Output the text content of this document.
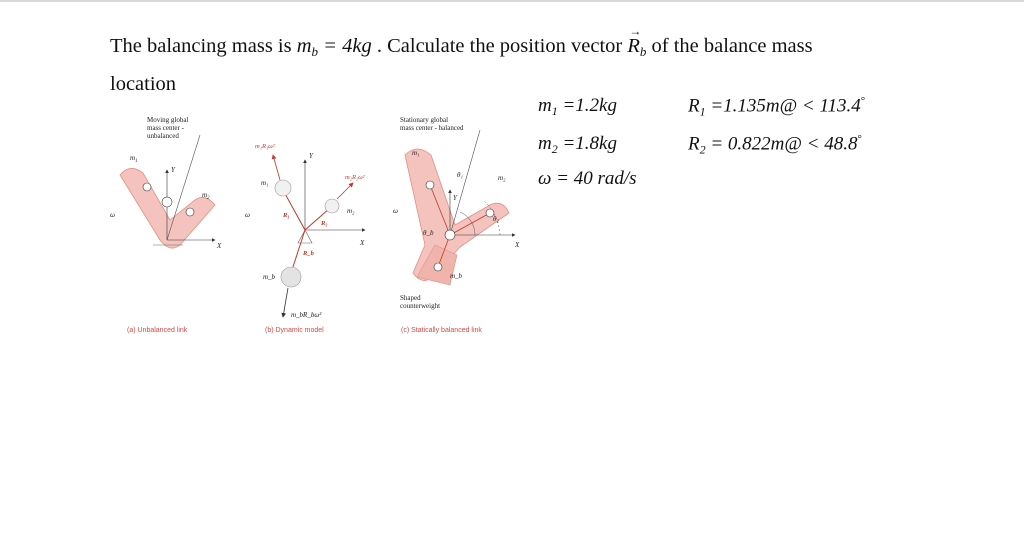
The balancing mass is $m_b = 4kg$ . Calculate the position vector → $R_b$ of the balance mass
location
$m_1 =1.2kg$
$m_2 =1.8kg$
ω = 40 rad/s
$R_1$ =1.135m@ < 113.4°
$R_2$ = 0.822m@ < 48.8°
Moving global
mass center -
unbalanced
m 1
m 2
Y
X
ω
(a) Unbalanced link
m₁R₁ω²
m₂R₂ω²
m_bR_bω²
R₁
R₂
R_b
m₁
m₂
m_b
Y
X
ω
(b) Dynamic model
Stationary global
mass center - balanced
Shaped
counterweight
m₁
m₂
m_b
θ₁
θ₂
θ_b
Y
X
ω
(c) Statically balanced link
